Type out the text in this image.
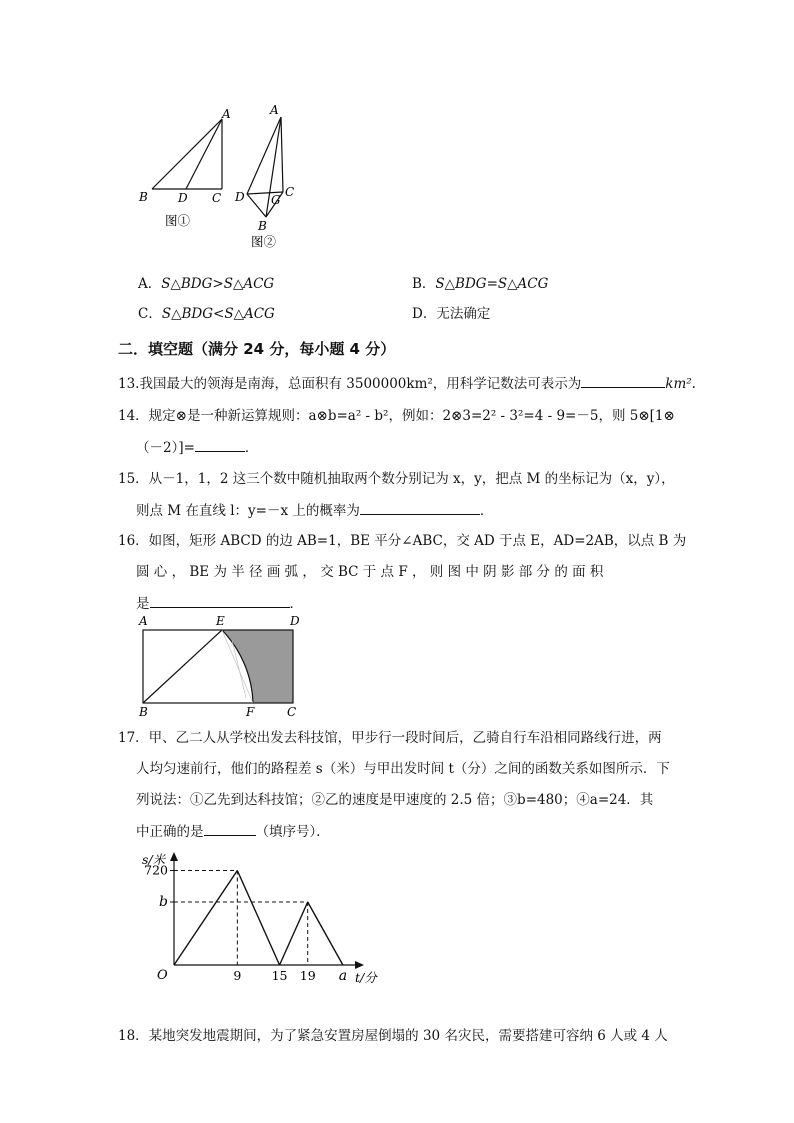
A
B	D C
图①
A
D G
C
B
图②
A．S△BDG>S△ACG	B．S△BDG=S△ACG
C．S△BDG<S△ACG	D．无法确定
二．填空题（满分 24 分，每小题 4 分）
13.我国最大的领海是南海，总面积有 3500000km²，用科学记数法可表示为	km².
14．规定⊗是一种新运算规则：a⊗b=a² - b²，例如：2⊗3=2² - 3²=4 - 9=－5，则 5⊗[1⊗
（－2）]=	．
15．从－1，1，2 这三个数中随机抽取两个数分别记为 x，y，把点 M 的坐标记为（x，y），
则点 M 在直线 l：y=－x 上的概率为	．
16．如图，矩形 ABCD 的边 AB=1，BE 平分∠ABC，交 AD 于点 E，AD=2AB，以点 B 为
圆 心 ， BE 为 半 径 画 弧 ， 交 BC 于 点 F ， 则 图 中 阴 影 部 分 的 面 积
是	．
A	E	D
B	F	C
17．甲、乙二人从学校出发去科技馆，甲步行一段时间后，乙骑自行车沿相同路线行进，两
人均匀速前行，他们的路程差 s（米）与甲出发时间 t（分）之间的函数关系如图所示．下
列说法：①乙先到达科技馆；②乙的速度是甲速度的 2.5 倍；③b=480；④a=24．其
中正确的是	（填序号）．
s/米
t/分
O
720
b
9 15 19 a
18．某地突发地震期间，为了紧急安置房屋倒塌的 30 名灾民，需要搭建可容纳 6 人或 4 人
